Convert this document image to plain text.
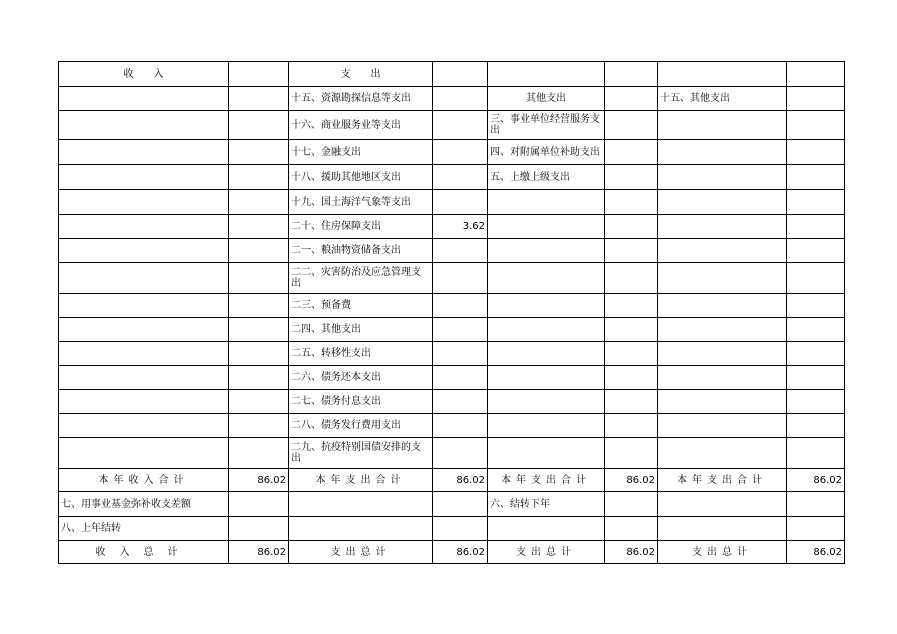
收　　入		支　　出					
		十五、资源勘探信息等支出		其他支出		十五、其他支出	
		十六、商业服务业等支出		三、事业单位经营服务支出			
		十七、金融支出		四、对附属单位补助支出			
		十八、援助其他地区支出		五、上缴上级支出			
		十九、国土海洋气象等支出					
		二十、住房保障支出	3.62				
		二一、粮油物资储备支出					
		二二、灾害防治及应急管理支出					
		二三、预备费					
		二四、其他支出					
		二五、转移性支出					
		二六、债务还本支出					
		二七、债务付息支出					
		二八、债务发行费用支出					
		二九、抗疫特别国债安排的支出					
本年收入合计	86.02	本年支出合计	86.02	本年支出合计	86.02	本年支出合计	86.02
七、用事业基金弥补收支差额				六、结转下年			
八、上年结转							
收入总计	86.02	支出总计	86.02	支出总计	86.02	支出总计	86.02
